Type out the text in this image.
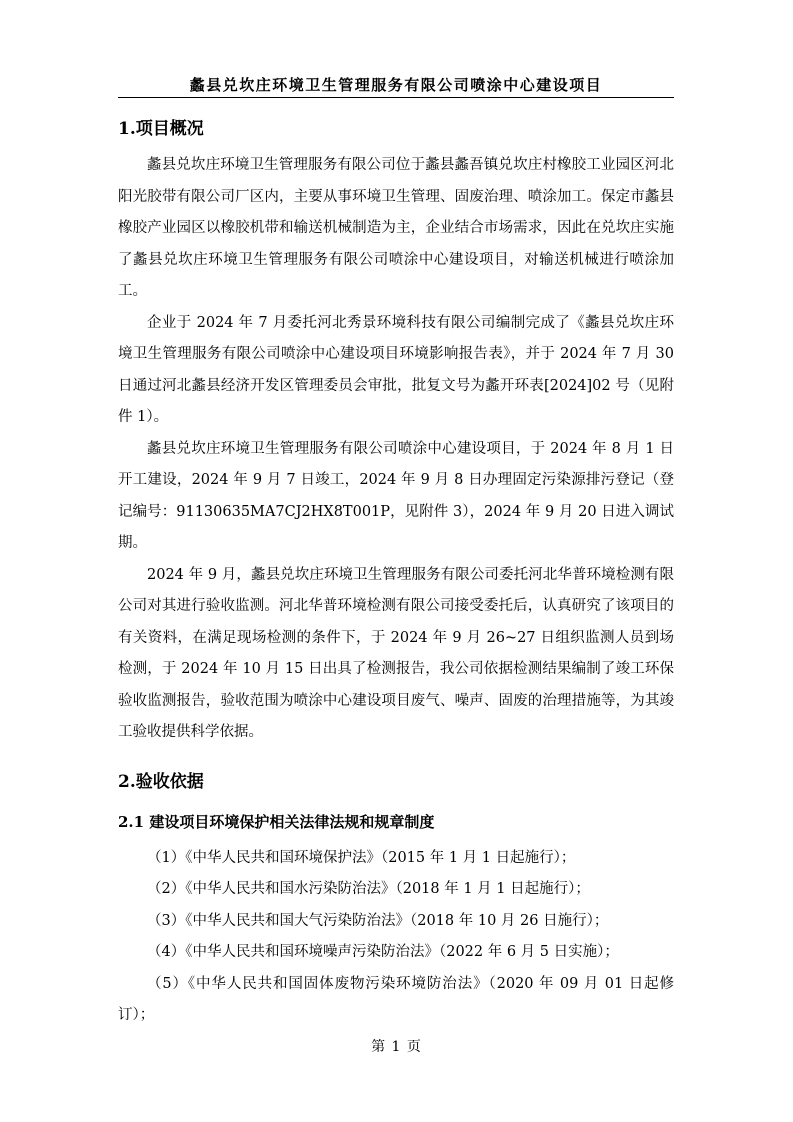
蠡县兑坎庄环境卫生管理服务有限公司喷涂中心建设项目
1.项目概况

蠡县兑坎庄环境卫生管理服务有限公司位于蠡县蠡吾镇兑坎庄村橡胶工业园区河北阳光胶带有限公司厂区内，主要从事环境卫生管理、固废治理、喷涂加工。保定市蠡县橡胶产业园区以橡胶机带和输送机械制造为主，企业结合市场需求，因此在兑坎庄实施了蠡县兑坎庄环境卫生管理服务有限公司喷涂中心建设项目，对输送机械进行喷涂加工。

企业于 2024 年 7 月委托河北秀景环境科技有限公司编制完成了《蠡县兑坎庄环境卫生管理服务有限公司喷涂中心建设项目环境影响报告表》，并于 2024 年 7 月 30 日通过河北蠡县经济开发区管理委员会审批，批复文号为蠡开环表[2024]02 号（见附件 1）。

蠡县兑坎庄环境卫生管理服务有限公司喷涂中心建设项目，于 2024 年 8 月 1 日开工建设，2024 年 9 月 7 日竣工，2024 年 9 月 8 日办理固定污染源排污登记（登记编号：91130635MA7CJ2HX8T001P，见附件 3），2024 年 9 月 20 日进入调试期。

2024 年 9 月，蠡县兑坎庄环境卫生管理服务有限公司委托河北华普环境检测有限公司对其进行验收监测。河北华普环境检测有限公司接受委托后，认真研究了该项目的有关资料，在满足现场检测的条件下，于 2024 年 9 月 26~27 日组织监测人员到场检测，于 2024 年 10 月 15 日出具了检测报告，我公司依据检测结果编制了竣工环保验收监测报告，验收范围为喷涂中心建设项目废气、噪声、固废的治理措施等，为其竣工验收提供科学依据。

2.验收依据
2.1 建设项目环境保护相关法律法规和规章制度

（1）《中华人民共和国环境保护法》（2015 年 1 月 1 日起施行）；

（2）《中华人民共和国水污染防治法》（2018 年 1 月 1 日起施行）；

（3）《中华人民共和国大气污染防治法》（2018 年 10 月 26 日施行）；

（4）《中华人民共和国环境噪声污染防治法》（2022 年 6 月 5 日实施）；

（5）《中华人民共和国固体废物污染环境防治法》（2020 年 09 月 01 日起修订）；

第 1 页
